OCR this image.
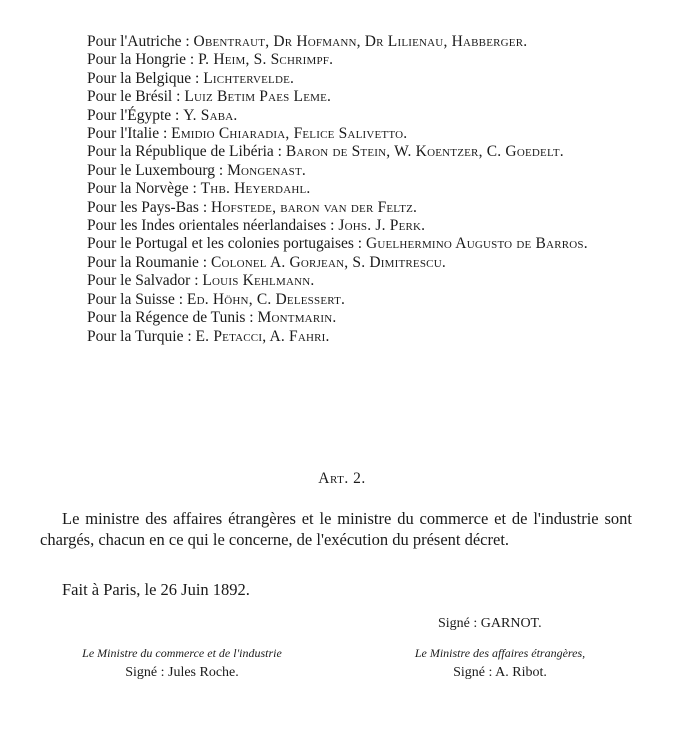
Pour l'Autriche : Obentraut, Dr Hofmann, Dr Lilienau, Habberger.
Pour la Hongrie : P. Heim, S. Schrimpf.
Pour la Belgique : Lichtervelde.
Pour le Brésil : Luiz Betim Paes Leme.
Pour l'Égypte : Y. Saba.
Pour l'Italie : Emidio Chiaradia, Felice Salivetto.
Pour la République de Libéria : Baron de Stein, W. Koentzer, C. Goedelt.
Pour le Luxembourg : Mongenast.
Pour la Norvège : Thb. Heyerdahl.
Pour les Pays-Bas : Hofstede, baron van der Feltz.
Pour les Indes orientales néerlandaises : Johs. J. Perk.
Pour le Portugal et les colonies portugaises : Guelhermino Augusto de Barros.
Pour la Roumanie : Colonel A. Gorjean, S. Dimitrescu.
Pour le Salvador : Louis Kehlmann.
Pour la Suisse : Ed. Höhn, C. Delessert.
Pour la Régence de Tunis : Montmarin.
Pour la Turquie : E. Petacci, A. Fahri.
Art. 2.

Le ministre des affaires étrangères et le ministre du commerce et de l'industrie sont chargés, chacun en ce qui le concerne, de l'exécution du présent décret.

Fait à Paris, le 26 Juin 1892.

Signé : GARNOT.

Le Ministre du commerce et de l'industrie

Signé : Jules Roche.

Le Ministre des affaires étrangères,

Signé : A. Ribot.
